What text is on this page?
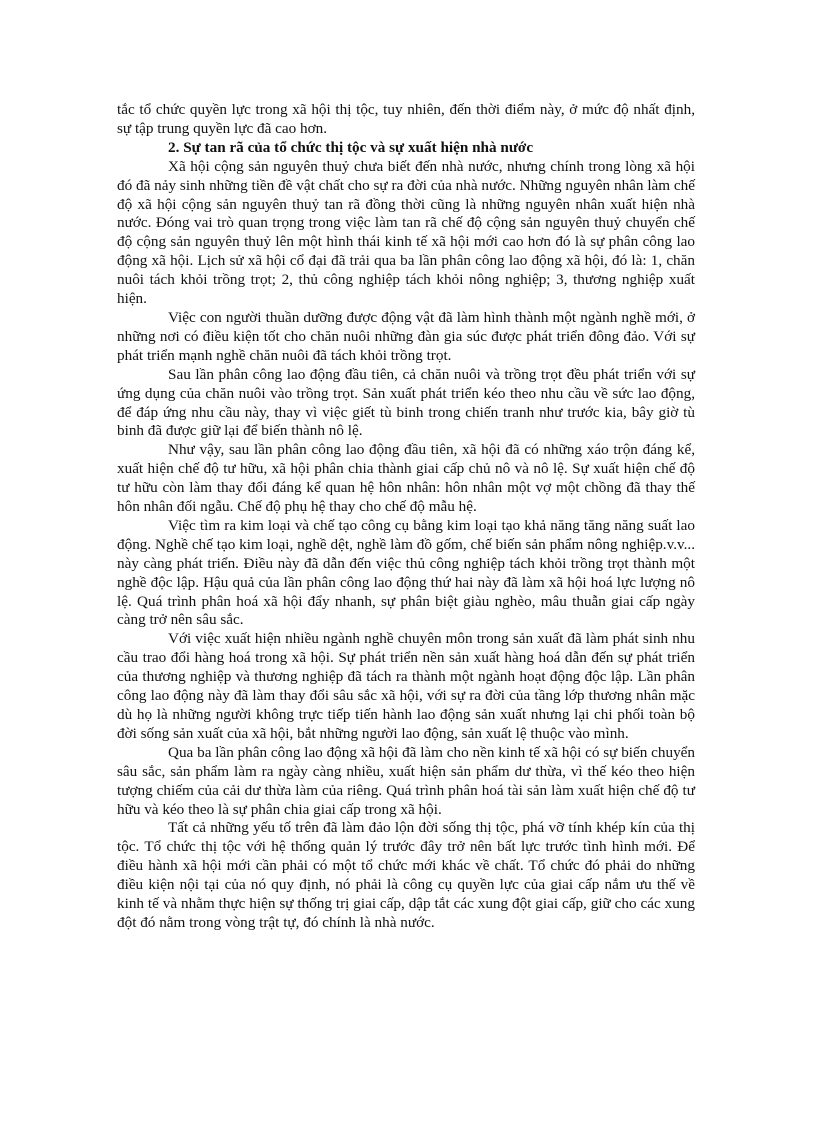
tắc tổ chức quyền lực trong xã hội thị tộc, tuy nhiên, đến thời điểm này, ở mức độ nhất định, sự tập trung quyền lực đã cao hơn.

2. Sự tan rã của tổ chức thị tộc và sự xuất hiện nhà nước

Xã hội cộng sản nguyên thuỷ chưa biết đến nhà nước, nhưng chính trong lòng xã hội đó đã nảy sinh những tiền đề vật chất cho sự ra đời của nhà nước. Những nguyên nhân làm chế độ xã hội cộng sản nguyên thuỷ tan rã đồng thời cũng là những nguyên nhân xuất hiện nhà nước. Đóng vai trò quan trọng trong việc làm tan rã chế độ cộng sản nguyên thuỷ chuyển chế độ cộng sản nguyên thuỷ lên một hình thái kinh tế xã hội mới cao hơn đó là sự phân công lao động xã hội. Lịch sử xã hội cổ đại đã trải qua ba lần phân công lao động xã hội, đó là: 1, chăn nuôi tách khỏi trồng trọt; 2, thủ công nghiệp tách khỏi nông nghiệp; 3, thương nghiệp xuất hiện.

Việc con người thuần dưỡng được động vật đã làm hình thành một ngành nghề mới, ở những nơi có điều kiện tốt cho chăn nuôi những đàn gia súc được phát triển đông đảo. Với sự phát triển mạnh nghề chăn nuôi đã tách khỏi trồng trọt.

Sau lần phân công lao động đầu tiên, cả chăn nuôi và trồng trọt đều phát triển với sự ứng dụng của chăn nuôi vào trồng trọt. Sản xuất phát triển kéo theo nhu cầu về sức lao động, để đáp ứng nhu cầu này, thay vì việc giết tù binh trong chiến tranh như trước kia, bây giờ tù binh đã được giữ lại để biến thành nô lệ.

Như vậy, sau lần phân công lao động đầu tiên, xã hội đã có những xáo trộn đáng kể, xuất hiện chế độ tư hữu, xã hội phân chia thành giai cấp chủ nô và nô lệ. Sự xuất hiện chế độ tư hữu còn làm thay đổi đáng kể quan hệ hôn nhân: hôn nhân một vợ một chồng đã thay thế hôn nhân đối ngẫu. Chế độ phụ hệ thay cho chế độ mẫu hệ.

Việc tìm ra kim loại và chế tạo công cụ bằng kim loại tạo khả năng tăng năng suất lao động. Nghề chế tạo kim loại, nghề dệt, nghề làm đồ gốm, chế biến sản phẩm nông nghiệp.v.v... này càng phát triển. Điều này đã dẫn đến việc thủ công nghiệp tách khỏi trồng trọt thành một nghề độc lập. Hậu quả của lần phân công lao động thứ hai này đã làm xã hội hoá lực lượng nô lệ. Quá trình phân hoá xã hội đẩy nhanh, sự phân biệt giàu nghèo, mâu thuẫn giai cấp ngày càng trở nên sâu sắc.

Với việc xuất hiện nhiều ngành nghề chuyên môn trong sản xuất đã làm phát sinh nhu cầu trao đổi hàng hoá trong xã hội. Sự phát triển nền sản xuất hàng hoá dẫn đến sự phát triển của thương nghiệp và thương nghiệp đã tách ra thành một ngành hoạt động độc lập. Lần phân công lao động này đã làm thay đổi sâu sắc xã hội, với sự ra đời của tầng lớp thương nhân mặc dù họ là những người không trực tiếp tiến hành lao động sản xuất nhưng lại chi phối toàn bộ đời sống sản xuất của xã hội, bắt những người lao động, sản xuất lệ thuộc vào mình.

Qua ba lần phân công lao động xã hội đã làm cho nền kinh tế xã hội có sự biến chuyển sâu sắc, sản phẩm làm ra ngày càng nhiều, xuất hiện sản phẩm dư thừa, vì thế kéo theo hiện tượng chiếm của cải dư thừa làm của riêng. Quá trình phân hoá tài sản làm xuất hiện chế độ tư hữu và kéo theo là sự phân chia giai cấp trong xã hội.

Tất cả những yếu tố trên đã làm đảo lộn đời sống thị tộc, phá vỡ tính khép kín của thị tộc. Tổ chức thị tộc với hệ thống quản lý trước đây trở nên bất lực trước tình hình mới. Để điều hành xã hội mới cần phải có một tổ chức mới khác về chất. Tổ chức đó phải do những điều kiện nội tại của nó quy định, nó phải là công cụ quyền lực của giai cấp nắm ưu thế về kinh tế và nhằm thực hiện sự thống trị giai cấp, dập tắt các xung đột giai cấp, giữ cho các xung đột đó nằm trong vòng trật tự, đó chính là nhà nước.
